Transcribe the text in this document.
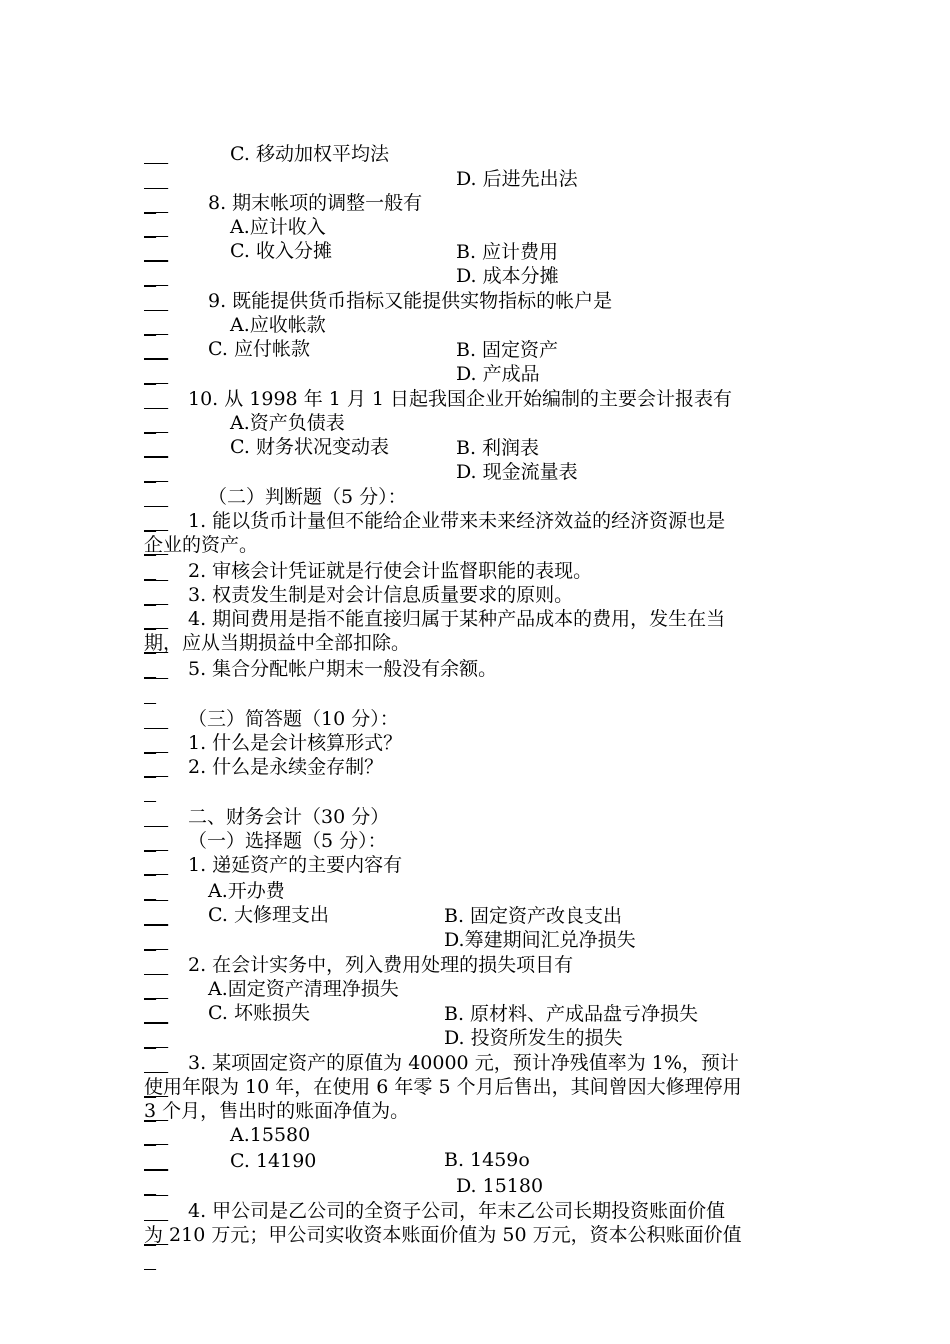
C. 移动加权平均法

D. 后进先出法

8. 期末帐项的调整一般有

A.应计收入

B. 应计费用

C. 收入分摊

D. 成本分摊

9. 既能提供货币指标又能提供实物指标的帐户是

A.应收帐款

B. 固定资产

C. 应付帐款

D. 产成品

10. 从 1998 年 1 月 1 日起我国企业开始编制的主要会计报表有

A.资产负债表

B. 利润表

C. 财务状况变动表

D. 现金流量表

（二）判断题（5 分）：

1. 能以货币计量但不能给企业带来未来经济效益的经济资源也是

企业的资产。

2. 审核会计凭证就是行使会计监督职能的表现。

3. 权责发生制是对会计信息质量要求的原则。

4. 期间费用是指不能直接归属于某种产品成本的费用，发生在当

期，应从当期损益中全部扣除。

5. 集合分配帐户期末一般没有余额。

（三）简答题（10 分）：

1. 什么是会计核算形式？

2. 什么是永续金存制？

二、财务会计（30 分）

（一）选择题（5 分）：

1. 递延资产的主要内容有

A.开办费

B. 固定资产改良支出

C. 大修理支出

D.筹建期间汇兑净损失

2. 在会计实务中，列入费用处理的损失项目有

A.固定资产清理净损失

B. 原材料、产成品盘亏净损失

C. 坏账损失

D. 投资所发生的损失

3. 某项固定资产的原值为 40000 元，预计净残值率为 1%，预计

使用年限为 10 年，在使用 6 年零 5 个月后售出，其间曾因大修理停用

3 个月，售出时的账面净值为。

A.15580

B. 1459o

C. 14190

D. 15180

4. 甲公司是乙公司的全资子公司，年末乙公司长期投资账面价值

为 210 万元；甲公司实收资本账面价值为 50 万元，资本公积账面价值
